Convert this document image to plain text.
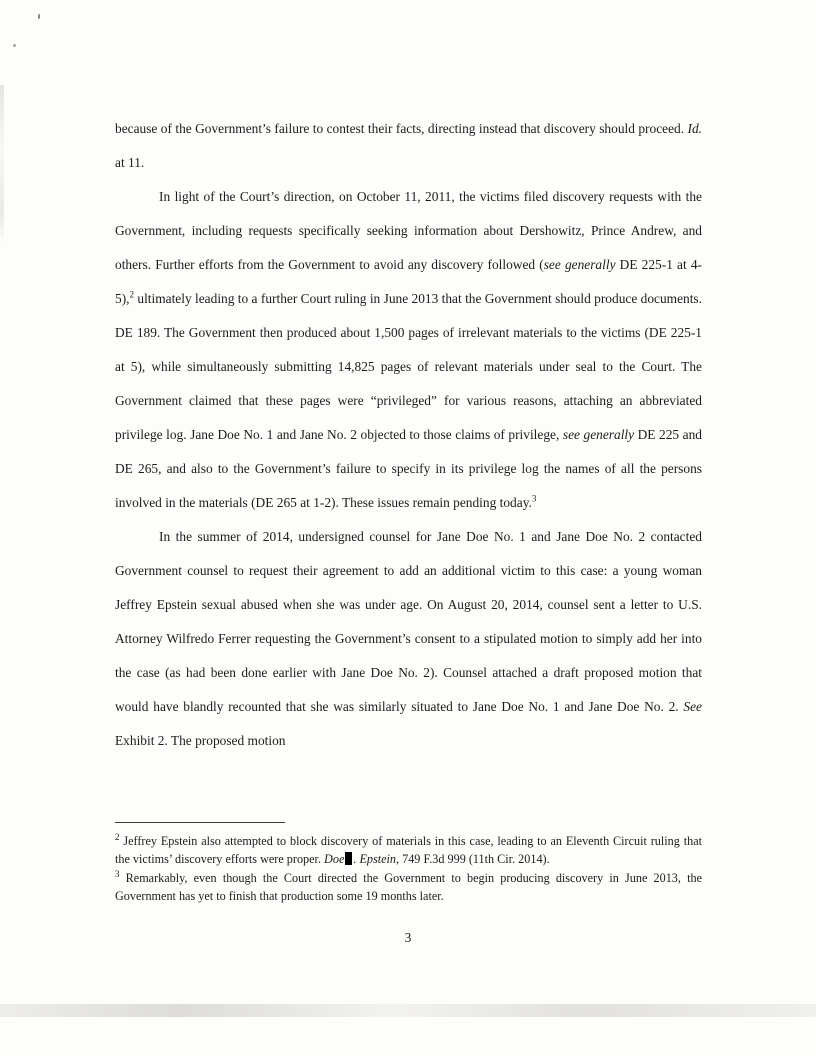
because of the Government’s failure to contest their facts, directing instead that discovery should proceed. Id. at 11.

In light of the Court’s direction, on October 11, 2011, the victims filed discovery requests with the Government, including requests specifically seeking information about Dershowitz, Prince Andrew, and others. Further efforts from the Government to avoid any discovery followed (see generally DE 225-1 at 4-5),$^2$ ultimately leading to a further Court ruling in June 2013 that the Government should produce documents. DE 189. The Government then produced about 1,500 pages of irrelevant materials to the victims (DE 225-1 at 5), while simultaneously submitting 14,825 pages of relevant materials under seal to the Court. The Government claimed that these pages were “privileged” for various reasons, attaching an abbreviated privilege log. Jane Doe No. 1 and Jane No. 2 objected to those claims of privilege, see generally DE 225 and DE 265, and also to the Government’s failure to specify in its privilege log the names of all the persons involved in the materials (DE 265 at 1-2). These issues remain pending today.$^3$

In the summer of 2014, undersigned counsel for Jane Doe No. 1 and Jane Doe No. 2 contacted Government counsel to request their agreement to add an additional victim to this case: a young woman Jeffrey Epstein sexual abused when she was under age. On August 20, 2014, counsel sent a letter to U.S. Attorney Wilfredo Ferrer requesting the Government’s consent to a stipulated motion to simply add her into the case (as had been done earlier with Jane Doe No. 2). Counsel attached a draft proposed motion that would have blandly recounted that she was similarly situated to Jane Doe No. 1 and Jane Doe No. 2. See Exhibit 2. The proposed motion

$^2$ Jeffrey Epstein also attempted to block discovery of materials in this case, leading to an Eleventh Circuit ruling that the victims’ discovery efforts were proper. Doe . Epstein, 749 F.3d 999 (11th Cir. 2014).

$^3$ Remarkably, even though the Court directed the Government to begin producing discovery in June 2013, the Government has yet to finish that production some 19 months later.

3
